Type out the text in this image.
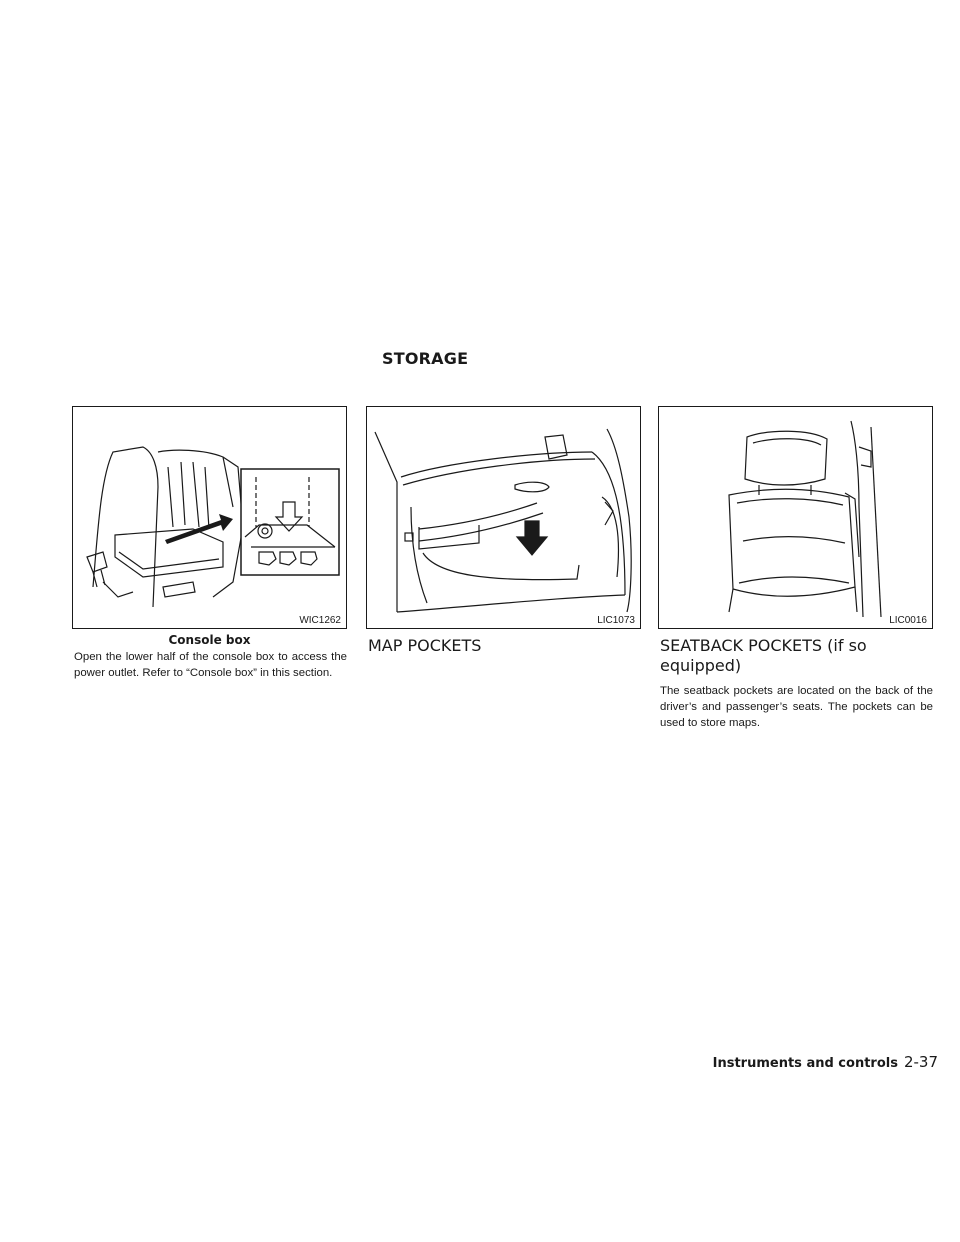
STORAGE
WIC1262	LIC1073	LIC0016
Console box

Open the lower half of the console box to access the power outlet. Refer to “Console box” in this section.

MAP POCKETS	SEATBACK POCKETS (if so equipped)

The seatback pockets are located on the back of the driver’s and passenger’s seats. The pockets can be used to store maps.

Instruments and controls 2-37
